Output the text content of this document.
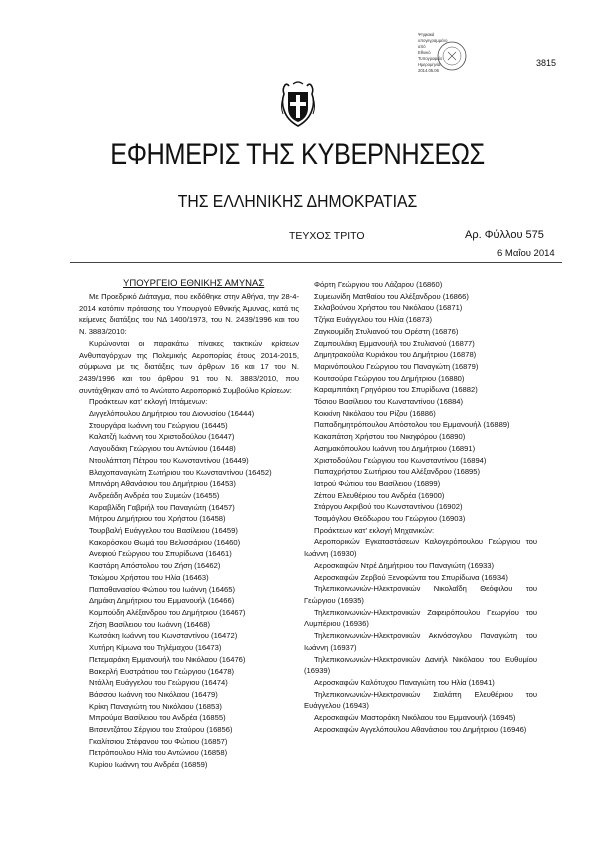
3815
Ψηφιακά
υπογεγραμμένο
από
Εθνικό
Τυπογραφείο
Ημερομηνία:
2014.05.06
ΕΦΗΜΕΡΙΣ ΤΗΣ ΚΥΒΕΡΝΗΣΕΩΣ
ΤΗΣ ΕΛΛΗΝΙΚΗΣ ΔΗΜΟΚΡΑΤΙΑΣ
ΤΕΥΧΟΣ ΤΡΙΤΟ	Αρ. Φύλλου 575
6 Μαΐου 2014
ΥΠΟΥΡΓΕΙΟ ΕΘΝΙΚΗΣ ΑΜΥΝΑΣ

Με Προεδρικό Διάταγμα, που εκδόθηκε στην Αθήνα, την 28-4-2014 κατόπιν πρότασης του Υπουργού Εθνικής Άμυνας, κατά τις κείμενες διατάξεις του ΝΔ 1400/1973, του Ν. 2439/1996 και του Ν. 3883/2010:

Κυρώνονται οι παρακάτω πίνακες τακτικών κρίσεων Ανθυπαγόρχων της Πολεμικής Αεροπορίας έτους 2014-2015, σύμφωνα με τις διατάξεις των άρθρων 16 και 17 του Ν. 2439/1996 και του άρθρου 91 του Ν. 3883/2010, που συντάχθηκαν από το Ανώτατο Αεροπορικό Συμβούλιο Κρίσεων:

Προάκτεων κατ' εκλογή Ιπτάμενων:

Διγγελόπουλου Δημήτριου του Διονυσίου (16444)

Στουργάρα Ιωάννη του Γεώργιου (16445)

Καλατζή Ιωάννη του Χριστοδούλου (16447)

Λαγουδάκη Γεώργιου του Αντώνιου (16448)

Ντουλάπτση Πέτρου του Κωνσταντίνου (16449)

Βλαχοπαναγιώτη Σωτήριου του Κωνσταντίνου (16452)

Μπινάρη Αθανάσιου του Δημήτριου (16453)

Ανδρεάδη Ανδρέα του Συμεών (16455)

Καραβλίδη Γαβριήλ του Παναγιώτη (16457)

Μήτρου Δημήτριου του Χρήστου (16458)

Τουρβαλή Ευάγγελου του Βασίλειου (16459)

Κακορόσκου Θωμά του Βελισσάριου (16460)

Ανεφιού Γεώργιου του Σπυρίδωνα (16461)

Καστάρη Απόστολου του Ζήση (16462)

Τσιώμου Χρήστου του Ηλία (16463)

Παπαθανασίου Φώτιου του Ιωάννη (16465)

Δημάκη Δημήτριου του Εμμανουήλ (16466)

Κομπούδη Αλέξανδρου του Δημήτριου (16467)

Ζήση Βασίλειου του Ιωάννη (16468)

Κωτσάκη Ιωάννη του Κωνσταντίνου (16472)

Χυτήρη Κίμωνα του Τηλέμαχου (16473)

Πετεμαράκη Εμμανουήλ του Νικόλαου (16476)

Βακερλή Ευστράτιου του Γεώργιου (16478)

Ντάλλη Ευάγγελου του Γεώργιου (16474)

Βάσσου Ιωάννη του Νικόλαου (16479)

Κρίκη Παναγιώτη του Νικόλαου (16853)

Μπρούμα Βασίλειου του Ανδρέα (16855)

Βιτσεντζάτου Σέργιου του Σταύρου (16856)

Γκαλίτσιου Στέφανου του Φώτιου (16857)

Πετρόπουλου Ηλία του Αντώνιου (16858)

Κυρίου Ιωάννη του Ανδρέα (16859)

Φόρτη Γεώργιου του Λάζαρου (16860)

Συμεωνίδη Ματθαίου του Αλέξανδρου (16866)

Σκλαβούνου Χρήστου του Νικόλαου (16871)

Τζήκα Ευάγγελου του Ηλία (16873)

Ζαγκουμίδη Στυλιανού του Ορέστη (16876)

Ζαμπουλάκη Εμμανουήλ του Στυλιανού (16877)

Δημητρακούλα Κυριάκου του Δημήτριου (16878)

Μαρινόπουλου Γεώργιου του Παναγιώτη (16879)

Κουτσούρα Γεώργιου του Δημήτριου (16880)

Καραμπιτάκη Γρηγόριου του Σπυρίδωνα (16882)

Τόσιου Βασίλειου του Κωνσταντίνου (16884)

Κοκκίνη Νικόλαου του Ρίζου (16886)

Παπαδημητρόπουλου Απόστολου του Εμμανουήλ (16889)

Κακαπάτση Χρήστου του Νικηφόρου (16890)

Ασημακόπουλου Ιωάννη του Δημήτριου (16891)

Χριστοδούλου Γεώργιου του Κωνσταντίνου (16894)

Παπαχρήστου Σωτήριου του Αλέξανδρου (16895)

Ιατρού Φώτιου του Βασίλειου (16899)

Ζέπου Ελευθέριου του Ανδρέα (16900)

Στάργου Ακριβού του Κωνσταντίνου (16902)

Τσαμόγλου Θεόδωρου του Γεώργιου (16903)

Προάκτεων κατ' εκλογή Μηχανικών:

Αεροπορικών Εγκαταστάσεων Καλογερόπουλου Γεώργιου του Ιωάννη (16930)

Αεροσκαφών Ντρέ Δημήτριου του Παναγιώτη (16933)

Αεροσκαφών Ζερβού Ξενοφώντα του Σπυρίδωνα (16934)

Τηλεπικοινωνιών-Ηλεκτρονικών Νικολαΐδη Θεόφιλου του Γεώργιου (16935)

Τηλεπικοινωνιών-Ηλεκτρονικών Ζαφειρόπουλου Γεωργίου του Λυμπέριου (16936)

Τηλεπικοινωνιών-Ηλεκτρονικών Ακινόσογλου Παναγιώτη του Ιωάννη (16937)

Τηλεπικοινωνιών-Ηλεκτρονικών Δανιήλ Νικόλαου του Ευθυμίου (16939)

Αεροσκαφών Καλότυχου Παναγιώτη του Ηλία (16941)

Τηλεπικοινωνιών-Ηλεκτρονικών Σιαλάπη Ελευθέριου του Ευάγγελου (16943)

Αεροσκαφών Μαστοράκη Νικόλαου του Εμμανουήλ (16945)

Αεροσκαφών Αγγελόπουλου Αθανάσιου του Δημήτριου (16946)
